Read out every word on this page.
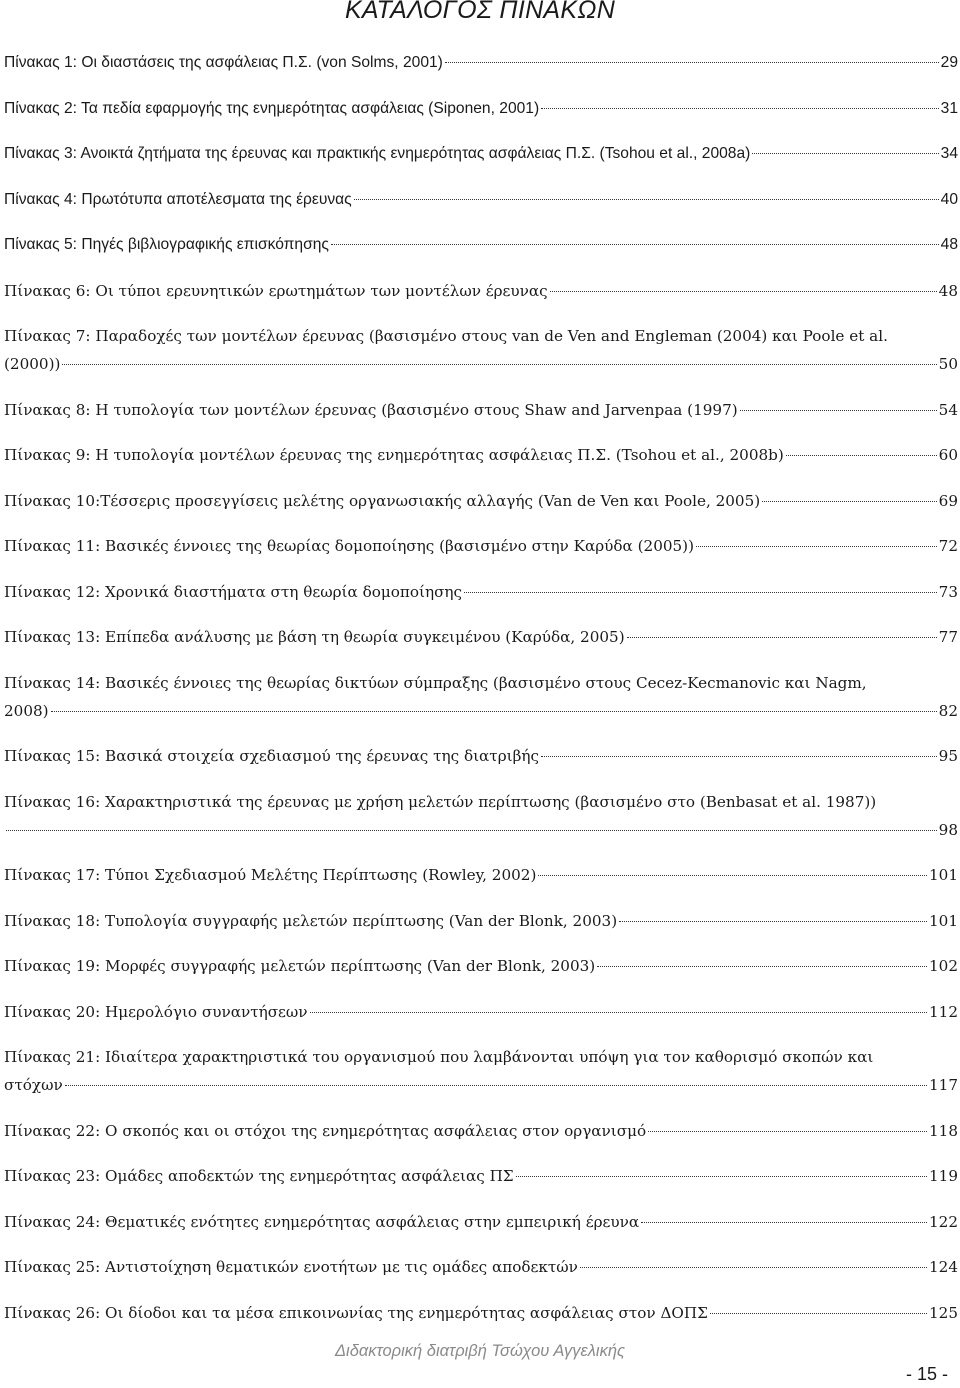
ΚΑΤΑΛΟΓΟΣ ΠΙΝΑΚΩΝ
Πίνακας 1: Οι διαστάσεις της ασφάλειας Π.Σ. (von Solms, 2001)	29
Πίνακας 2: Τα πεδία εφαρμογής της ενημερότητας ασφάλειας (Siponen, 2001)	31
Πίνακας 3: Ανοικτά ζητήματα της έρευνας και πρακτικής ενημερότητας ασφάλειας Π.Σ. (Tsohou et al., 2008a)	34
Πίνακας 4: Πρωτότυπα αποτέλεσματα της έρευνας	40
Πίνακας 5: Πηγές βιβλιογραφικής επισκόπησης	48
Πίνακας 6: Οι τύποι ερευνητικών ερωτημάτων των μοντέλων έρευνας	48
Πίνακας 7: Παραδοχές των μοντέλων έρευνας (βασισμένο στους van de Ven and Engleman (2004) και Poole et al.
(2000))	50
Πίνακας 8: Η τυπολογία των μοντέλων έρευνας (βασισμένο στους Shaw and Jarvenpaa (1997)	54
Πίνακας 9: Η τυπολογία μοντέλων έρευνας της ενημερότητας ασφάλειας Π.Σ. (Tsohou et al., 2008b)	60
Πίνακας 10:Τέσσερις προσεγγίσεις μελέτης οργανωσιακής αλλαγής (Van de Ven και Poole, 2005)	69
Πίνακας 11: Βασικές έννοιες της θεωρίας δομοποίησης (βασισμένο στην Καρύδα (2005))	72
Πίνακας 12: Χρονικά διαστήματα στη θεωρία δομοποίησης	73
Πίνακας 13: Επίπεδα ανάλυσης με βάση τη θεωρία συγκειμένου (Καρύδα, 2005)	77
Πίνακας 14: Βασικές έννοιες της θεωρίας δικτύων σύμπραξης (βασισμένο στους Cecez-Kecmanovic και Nagm,
2008)	82
Πίνακας 15: Βασικά στοιχεία σχεδιασμού της έρευνας της διατριβής	95
Πίνακας 16: Χαρακτηριστικά της έρευνας με χρήση μελετών περίπτωσης (βασισμένο στο (Benbasat et al. 1987))
98
Πίνακας 17: Τύποι Σχεδιασμού Μελέτης Περίπτωσης (Rowley, 2002)	101
Πίνακας 18: Τυπολογία συγγραφής μελετών περίπτωσης (Van der Blonk, 2003)	101
Πίνακας 19: Μορφές συγγραφής μελετών περίπτωσης (Van der Blonk, 2003)	102
Πίνακας 20: Ημερολόγιο συναντήσεων	112
Πίνακας 21: Ιδιαίτερα χαρακτηριστικά του οργανισμού που λαμβάνονται υπόψη για τον καθορισμό σκοπών και
στόχων	117
Πίνακας 22: Ο σκοπός και οι στόχοι της ενημερότητας ασφάλειας στον οργανισμό	118
Πίνακας 23: Ομάδες αποδεκτών της ενημερότητας ασφάλειας ΠΣ	119
Πίνακας 24: Θεματικές ενότητες ενημερότητας ασφάλειας στην εμπειρική έρευνα	122
Πίνακας 25: Αντιστοίχηση θεματικών ενοτήτων με τις ομάδες αποδεκτών	124
Πίνακας 26: Οι δίοδοι και τα μέσα επικοινωνίας της ενημερότητας ασφάλειας στον ΔΟΠΣ	125
Διδακτορική διατριβή Τσώχου Αγγελικής
- 15 -
